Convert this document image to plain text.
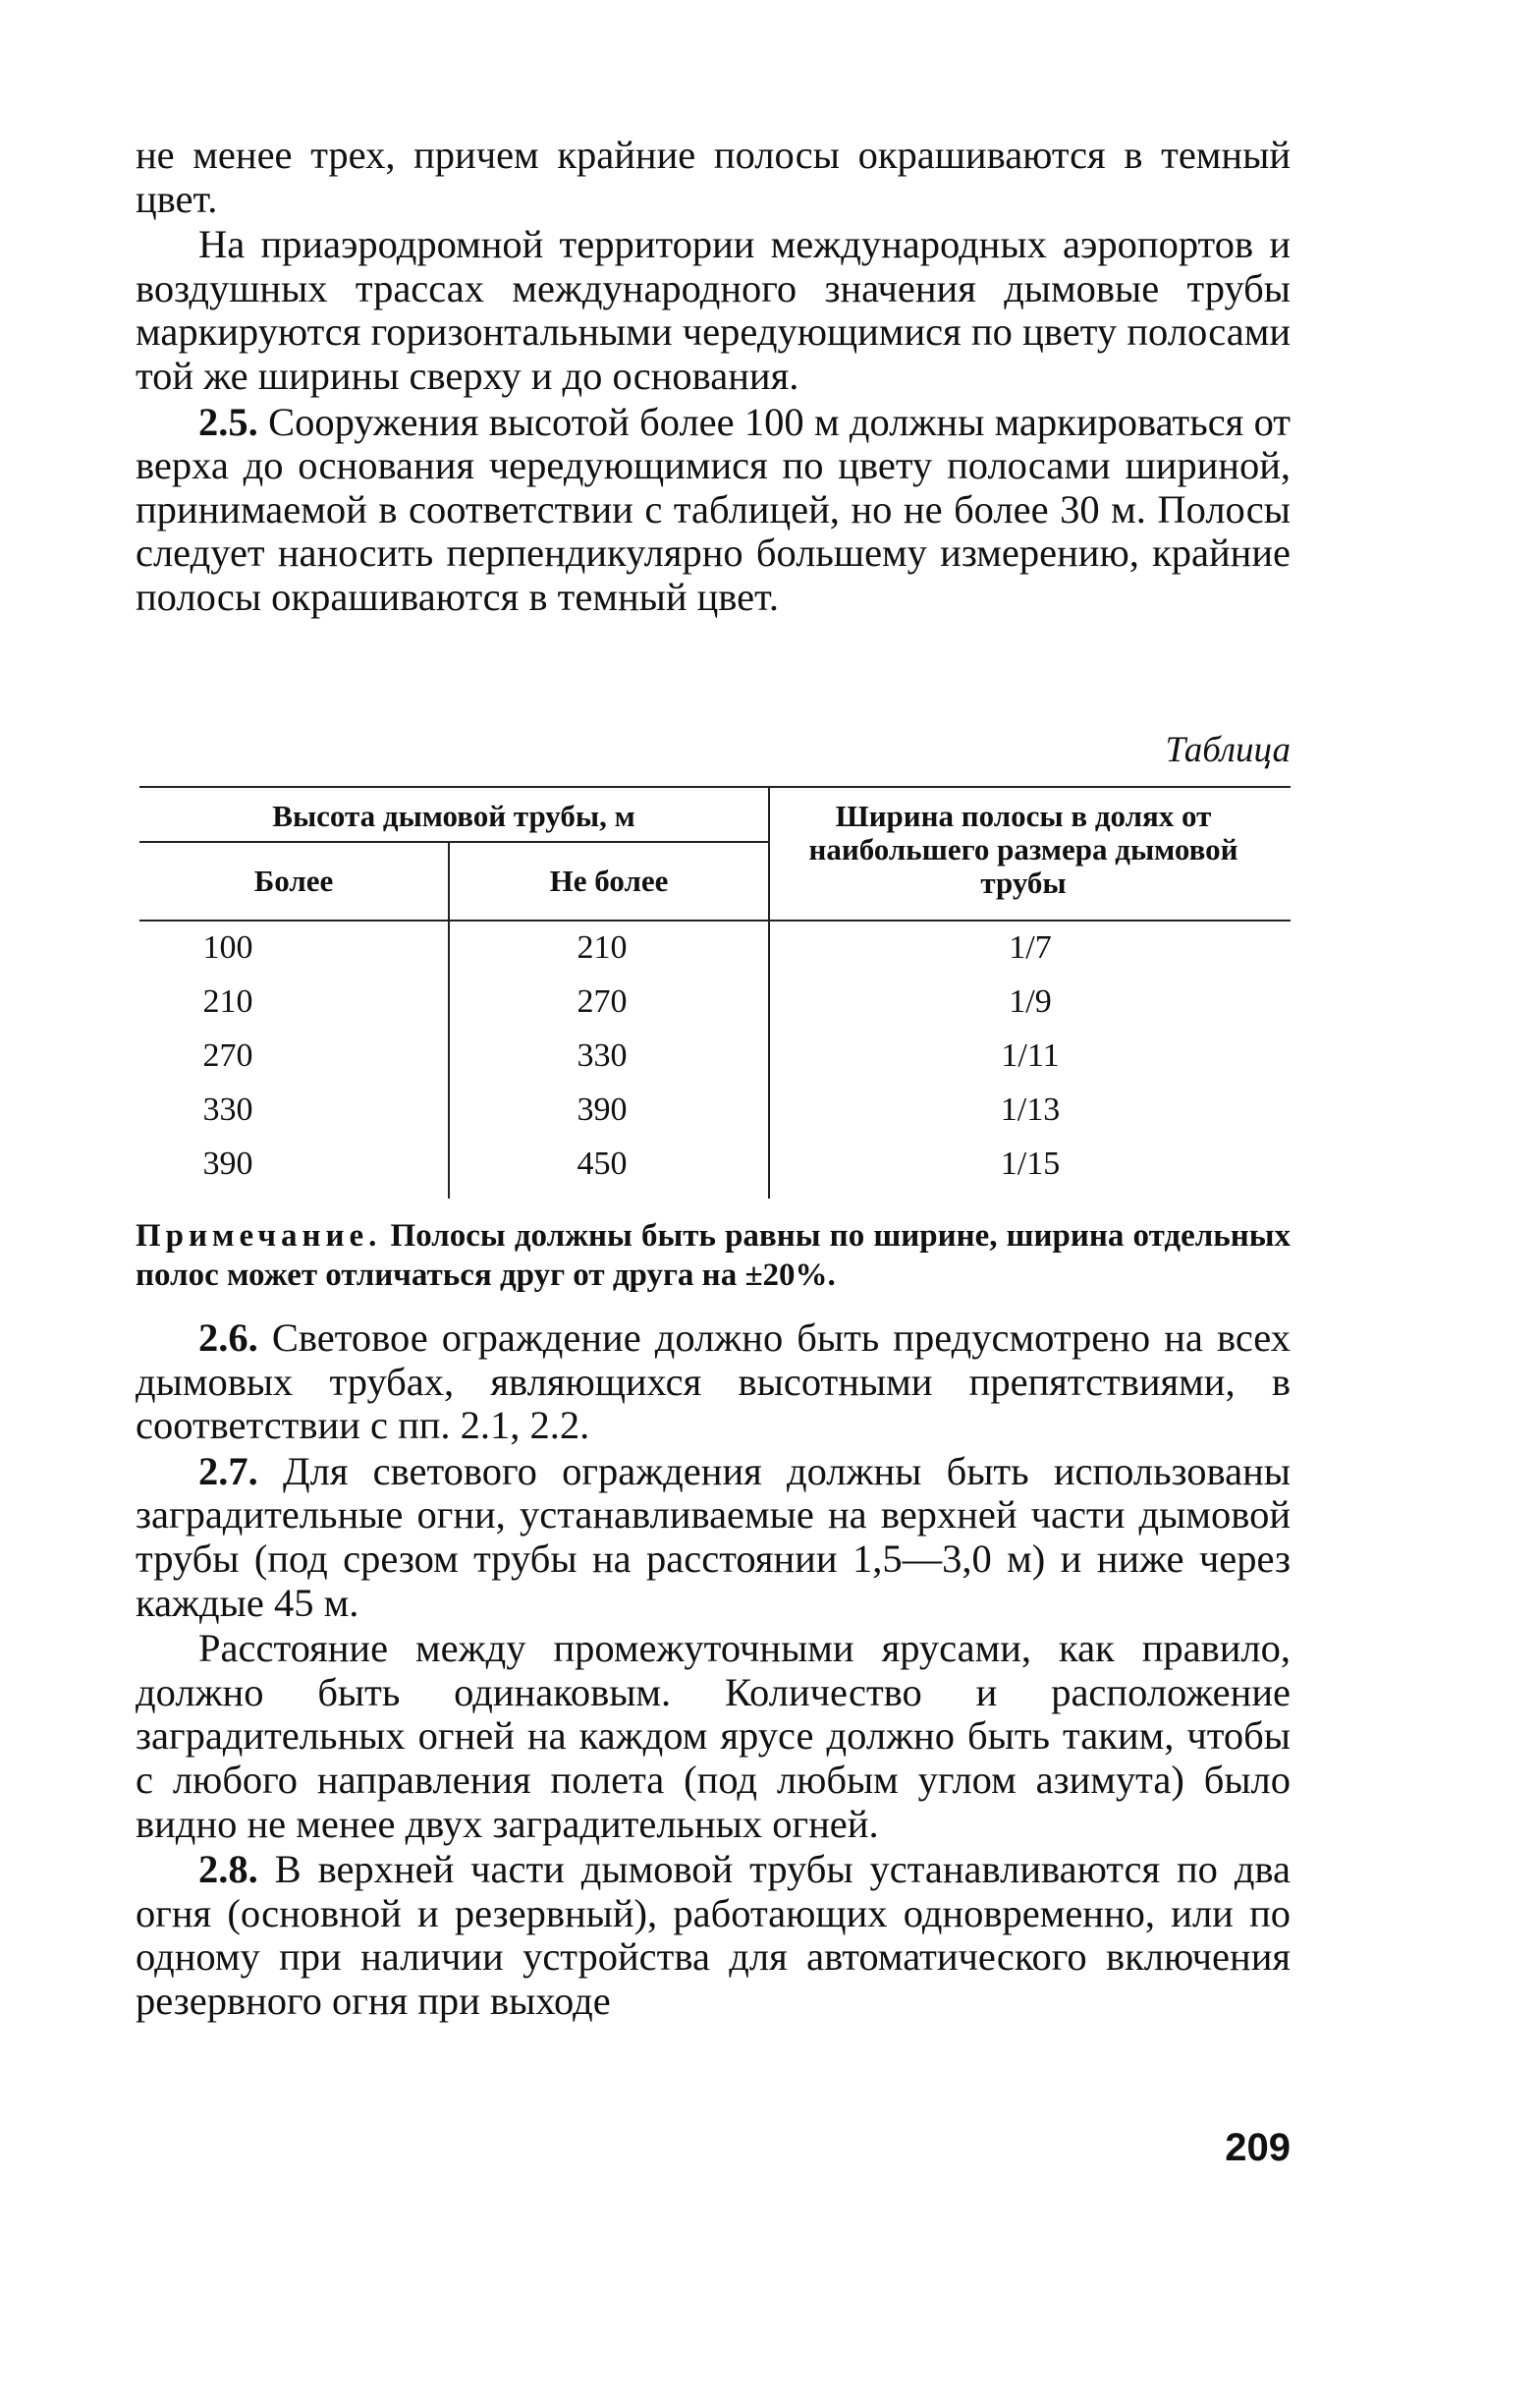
не менее трех, причем крайние полосы окрашиваются в темный цвет.

На приаэродромной территории международных аэропортов и воздушных трассах международного значения дымовые трубы маркируются горизонтальными чередующимися по цвету полосами той же ширины сверху и до основания.

2.5. Сооружения высотой более 100 м должны маркироваться от верха до основания чередующимися по цвету полосами шириной, принимаемой в соответствии с таблицей, но не более 30 м. Полосы следует наносить перпендикулярно большему измерению, крайние полосы окрашиваются в темный цвет.

Таблица
Высота дымовой трубы, м
Более	Не более
Ширина полосы в долях от наибольшего размера дымовой трубы
100	210	1/7
210	270	1/9
270	330	1/11
330	390	1/13
390	450	1/15
Примечание. Полосы должны быть равны по ширине, ширина отдельных полос может отличаться друг от друга на ±20%.

2.6. Световое ограждение должно быть предусмотрено на всех дымовых трубах, являющихся высотными препятствиями, в соответствии с пп. 2.1, 2.2.

2.7. Для светового ограждения должны быть использованы заградительные огни, устанавливаемые на верхней части дымовой трубы (под срезом трубы на расстоянии 1,5—3,0 м) и ниже через каждые 45 м.

Расстояние между промежуточными ярусами, как правило, должно быть одинаковым. Количество и расположение заградительных огней на каждом ярусе должно быть таким, чтобы с любого направления полета (под любым углом азимута) было видно не менее двух заградительных огней.

2.8. В верхней части дымовой трубы устанавливаются по два огня (основной и резервный), работающих одновременно, или по одному при наличии устройства для автоматического включения резервного огня при выходе

209
